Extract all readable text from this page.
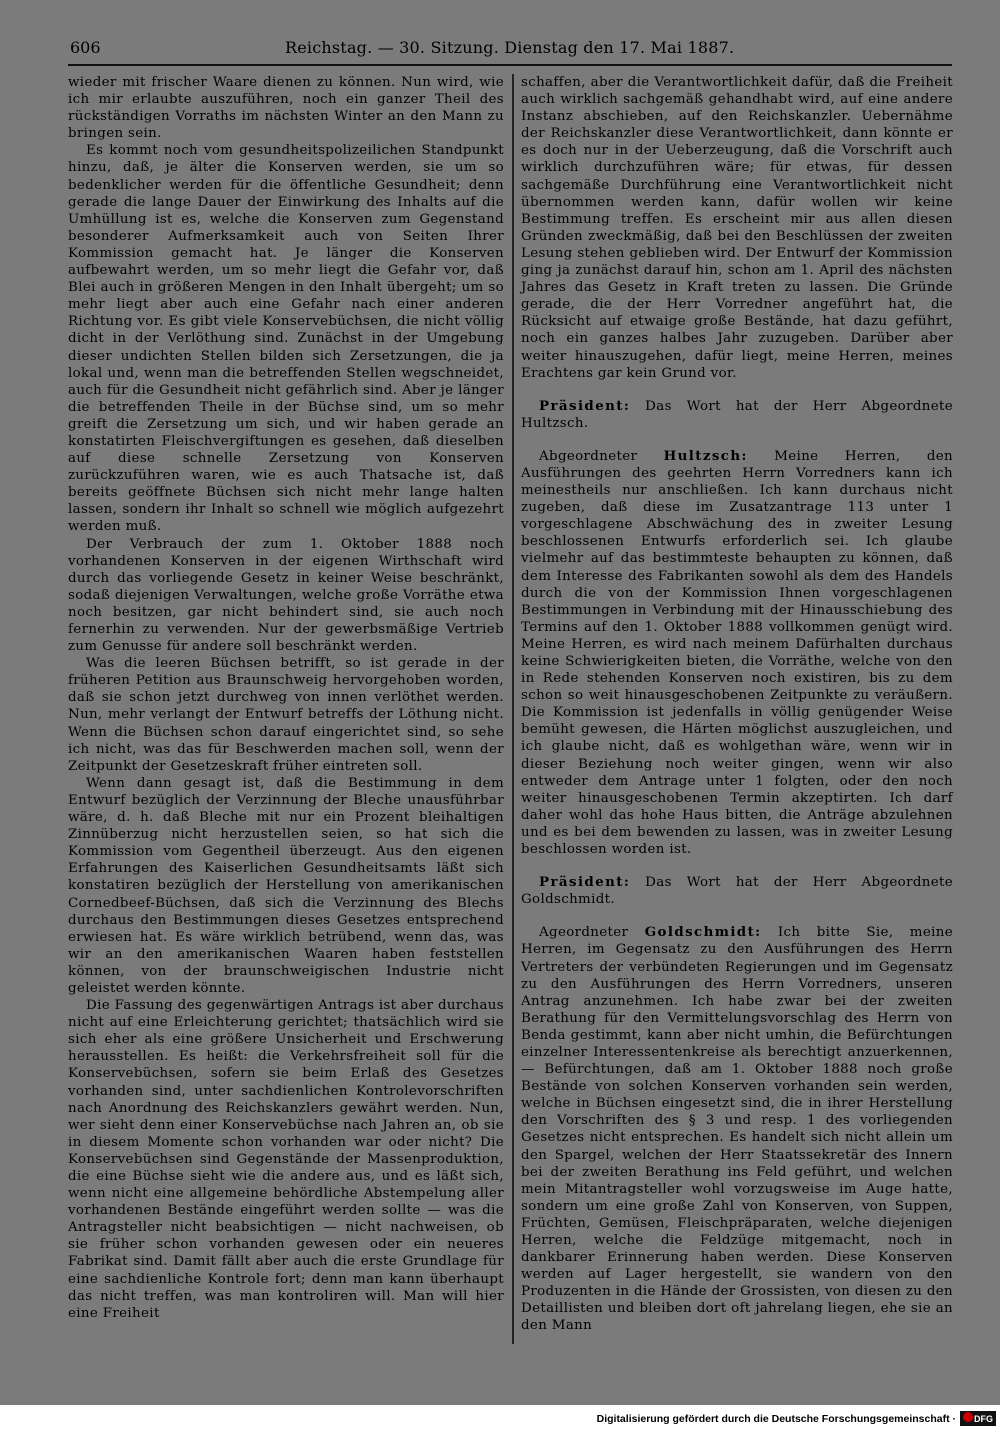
606	Reichstag. — 30. Sitzung. Dienstag den 17. Mai 1887.

wieder mit frischer Waare dienen zu können. Nun wird, wie ich mir erlaubte auszuführen, noch ein ganzer Theil des rückständigen Vorraths im nächsten Winter an den Mann zu bringen sein.

Es kommt noch vom gesundheitspolizeilichen Standpunkt hinzu, daß, je älter die Konserven werden, sie um so bedenklicher werden für die öffentliche Gesundheit; denn gerade die lange Dauer der Einwirkung des Inhalts auf die Umhüllung ist es, welche die Konserven zum Gegenstand besonderer Aufmerksamkeit auch von Seiten Ihrer Kommission gemacht hat. Je länger die Konserven aufbewahrt werden, um so mehr liegt die Gefahr vor, daß Blei auch in größeren Mengen in den Inhalt übergeht; um so mehr liegt aber auch eine Gefahr nach einer anderen Richtung vor. Es gibt viele Konservebüchsen, die nicht völlig dicht in der Verlöthung sind. Zunächst in der Umgebung dieser undichten Stellen bilden sich Zersetzungen, die ja lokal und, wenn man die betreffenden Stellen wegschneidet, auch für die Gesundheit nicht gefährlich sind. Aber je länger die betreffenden Theile in der Büchse sind, um so mehr greift die Zersetzung um sich, und wir haben gerade an konstatirten Fleischvergiftungen es gesehen, daß dieselben auf diese schnelle Zersetzung von Konserven zurückzuführen waren, wie es auch Thatsache ist, daß bereits geöffnete Büchsen sich nicht mehr lange halten lassen, sondern ihr Inhalt so schnell wie möglich aufgezehrt werden muß.

Der Verbrauch der zum 1. Oktober 1888 noch vorhandenen Konserven in der eigenen Wirthschaft wird durch das vorliegende Gesetz in keiner Weise beschränkt, sodaß diejenigen Verwaltungen, welche große Vorräthe etwa noch besitzen, gar nicht behindert sind, sie auch noch fernerhin zu verwenden. Nur der gewerbsmäßige Vertrieb zum Genusse für andere soll beschränkt werden.

Was die leeren Büchsen betrifft, so ist gerade in der früheren Petition aus Braunschweig hervorgehoben worden, daß sie schon jetzt durchweg von innen verlöthet werden. Nun, mehr verlangt der Entwurf betreffs der Löthung nicht. Wenn die Büchsen schon darauf eingerichtet sind, so sehe ich nicht, was das für Beschwerden machen soll, wenn der Zeitpunkt der Gesetzeskraft früher eintreten soll.

Wenn dann gesagt ist, daß die Bestimmung in dem Entwurf bezüglich der Verzinnung der Bleche unausführbar wäre, d. h. daß Bleche mit nur ein Prozent bleihaltigen Zinnüberzug nicht herzustellen seien, so hat sich die Kommission vom Gegentheil überzeugt. Aus den eigenen Erfahrungen des Kaiserlichen Gesundheitsamts läßt sich konstatiren bezüglich der Herstellung von amerikanischen Cornedbeef-Büchsen, daß sich die Verzinnung des Blechs durchaus den Bestimmungen dieses Gesetzes entsprechend erwiesen hat. Es wäre wirklich betrübend, wenn das, was wir an den amerikanischen Waaren haben feststellen können, von der braunschweigischen Industrie nicht geleistet werden könnte.

Die Fassung des gegenwärtigen Antrags ist aber durchaus nicht auf eine Erleichterung gerichtet; thatsächlich wird sie sich eher als eine größere Unsicherheit und Erschwerung herausstellen. Es heißt: die Verkehrsfreiheit soll für die Konservebüchsen, sofern sie beim Erlaß des Gesetzes vorhanden sind, unter sachdienlichen Kontrolevorschriften nach Anordnung des Reichskanzlers gewährt werden. Nun, wer sieht denn einer Konservebüchse nach Jahren an, ob sie in diesem Momente schon vorhanden war oder nicht? Die Konservebüchsen sind Gegenstände der Massenproduktion, die eine Büchse sieht wie die andere aus, und es läßt sich, wenn nicht eine allgemeine behördliche Abstempelung aller vorhandenen Bestände eingeführt werden sollte — was die Antragsteller nicht beabsichtigen — nicht nachweisen, ob sie früher schon vorhanden gewesen oder ein neueres Fabrikat sind. Damit fällt aber auch die erste Grundlage für eine sachdienliche Kontrole fort; denn man kann überhaupt das nicht treffen, was man kontroliren will. Man will hier eine Freiheit

schaffen, aber die Verantwortlichkeit dafür, daß die Freiheit auch wirklich sachgemäß gehandhabt wird, auf eine andere Instanz abschieben, auf den Reichskanzler. Uebernähme der Reichskanzler diese Verantwortlichkeit, dann könnte er es doch nur in der Ueberzeugung, daß die Vorschrift auch wirklich durchzuführen wäre; für etwas, für dessen sachgemäße Durchführung eine Verantwortlichkeit nicht übernommen werden kann, dafür wollen wir keine Bestimmung treffen. Es erscheint mir aus allen diesen Gründen zweckmäßig, daß bei den Beschlüssen der zweiten Lesung stehen geblieben wird. Der Entwurf der Kommission ging ja zunächst darauf hin, schon am 1. April des nächsten Jahres das Gesetz in Kraft treten zu lassen. Die Gründe gerade, die der Herr Vorredner angeführt hat, die Rücksicht auf etwaige große Bestände, hat dazu geführt, noch ein ganzes halbes Jahr zuzugeben. Darüber aber weiter hinauszugehen, dafür liegt, meine Herren, meines Erachtens gar kein Grund vor.

Präsident: Das Wort hat der Herr Abgeordnete Hultzsch.

Abgeordneter Hultzsch: Meine Herren, den Ausführungen des geehrten Herrn Vorredners kann ich meinestheils nur anschließen. Ich kann durchaus nicht zugeben, daß diese im Zusatzantrage 113 unter 1 vorgeschlagene Abschwächung des in zweiter Lesung beschlossenen Entwurfs erforderlich sei. Ich glaube vielmehr auf das bestimmteste behaupten zu können, daß dem Interesse des Fabrikanten sowohl als dem des Handels durch die von der Kommission Ihnen vorgeschlagenen Bestimmungen in Verbindung mit der Hinausschiebung des Termins auf den 1. Oktober 1888 vollkommen genügt wird. Meine Herren, es wird nach meinem Dafürhalten durchaus keine Schwierigkeiten bieten, die Vorräthe, welche von den in Rede stehenden Konserven noch existiren, bis zu dem schon so weit hinausgeschobenen Zeitpunkte zu veräußern. Die Kommission ist jedenfalls in völlig genügender Weise bemüht gewesen, die Härten möglichst auszugleichen, und ich glaube nicht, daß es wohlgethan wäre, wenn wir in dieser Beziehung noch weiter gingen, wenn wir also entweder dem Antrage unter 1 folgten, oder den noch weiter hinausgeschobenen Termin akzeptirten. Ich darf daher wohl das hohe Haus bitten, die Anträge abzulehnen und es bei dem bewenden zu lassen, was in zweiter Lesung beschlossen worden ist.

Präsident: Das Wort hat der Herr Abgeordnete Goldschmidt.

Ageordneter Goldschmidt: Ich bitte Sie, meine Herren, im Gegensatz zu den Ausführungen des Herrn Vertreters der verbündeten Regierungen und im Gegensatz zu den Ausführungen des Herrn Vorredners, unseren Antrag anzunehmen. Ich habe zwar bei der zweiten Berathung für den Vermittelungsvorschlag des Herrn von Benda gestimmt, kann aber nicht umhin, die Befürchtungen einzelner Interessentenkreise als berechtigt anzuerkennen, — Befürchtungen, daß am 1. Oktober 1888 noch große Bestände von solchen Konserven vorhanden sein werden, welche in Büchsen eingesetzt sind, die in ihrer Herstellung den Vorschriften des § 3 und resp. 1 des vorliegenden Gesetzes nicht entsprechen. Es handelt sich nicht allein um den Spargel, welchen der Herr Staatssekretär des Innern bei der zweiten Berathung ins Feld geführt, und welchen mein Mitantragsteller wohl vorzugsweise im Auge hatte, sondern um eine große Zahl von Konserven, von Suppen, Früchten, Gemüsen, Fleischpräparaten, welche diejenigen Herren, welche die Feldzüge mitgemacht, noch in dankbarer Erinnerung haben werden. Diese Konserven werden auf Lager hergestellt, sie wandern von den Produzenten in die Hände der Grossisten, von diesen zu den Detaillisten und bleiben dort oft jahrelang liegen, ehe sie an den Mann

Digitalisierung gefördert durch die Deutsche Forschungsgemeinschaft ·	DFG
